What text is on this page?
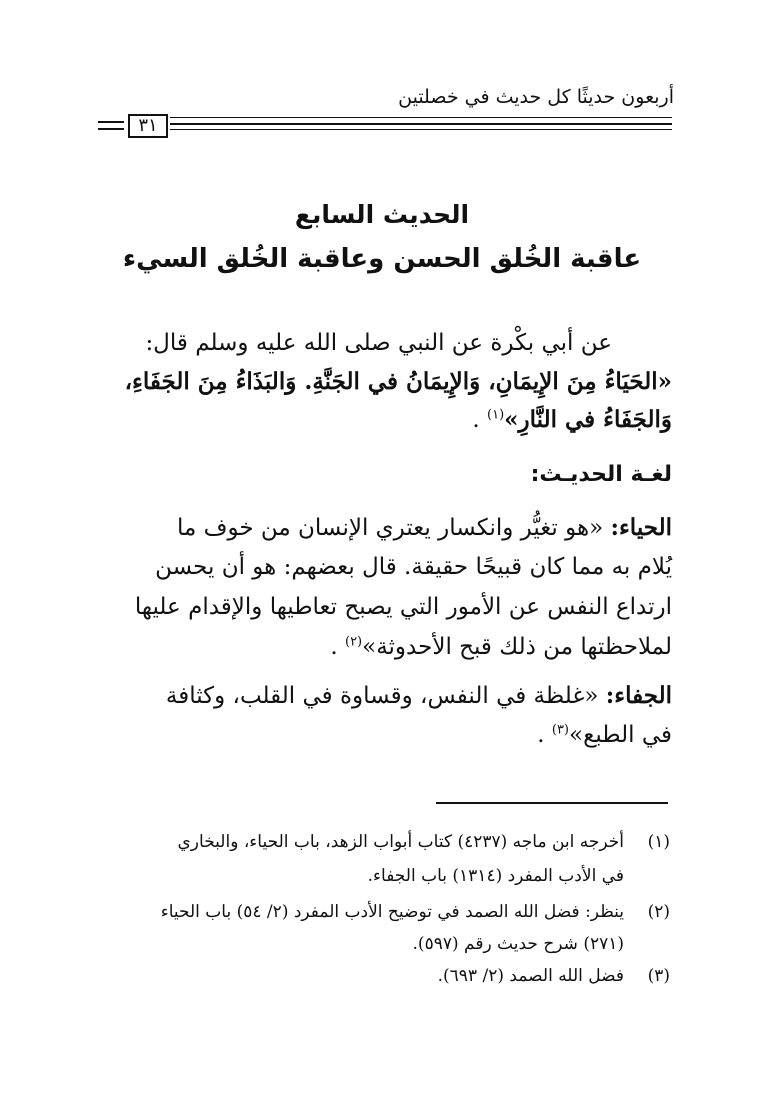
أربعون حديثًا كل حديث في خصلتين
٣١
الحديث السابع
عاقبة الخُلق الحسن وعاقبة الخُلق السيء
عن أبي بكْرة عن النبي صلى الله عليه وسلم قال:
«الحَيَاءُ مِنَ الإِيمَانِ، وَالإِيمَانُ في الجَنَّةِ. وَالبَذَاءُ مِنَ الجَفَاءِ،
وَالجَفَاءُ في النَّارِ»$^{(١)}$ .
لغـة الحديـث:
الحياء: «هو تغيُّر وانكسار يعتري الإنسان من خوف ما
يُلام به مما كان قبيحًا حقيقة. قال بعضهم: هو أن يحسن
ارتداع النفس عن الأمور التي يصبح تعاطيها والإقدام عليها
لملاحظتها من ذلك قبح الأحدوثة»$^{(٢)}$ .
الجفاء: «غلظة في النفس، وقساوة في القلب، وكثافة
في الطبع»$^{(٣)}$ .
(١)
أخرجه ابن ماجه (٤٢٣٧) كتاب أبواب الزهد، باب الحياء، والبخاري
في الأدب المفرد (١٣١٤) باب الجفاء.
(٢)
ينظر: فضل الله الصمد في توضيح الأدب المفرد (٢/ ٥٤) باب الحياء
(٢٧١) شرح حديث رقم (٥٩٧).
(٣)
فضل الله الصمد (٢/ ٦٩٣).
